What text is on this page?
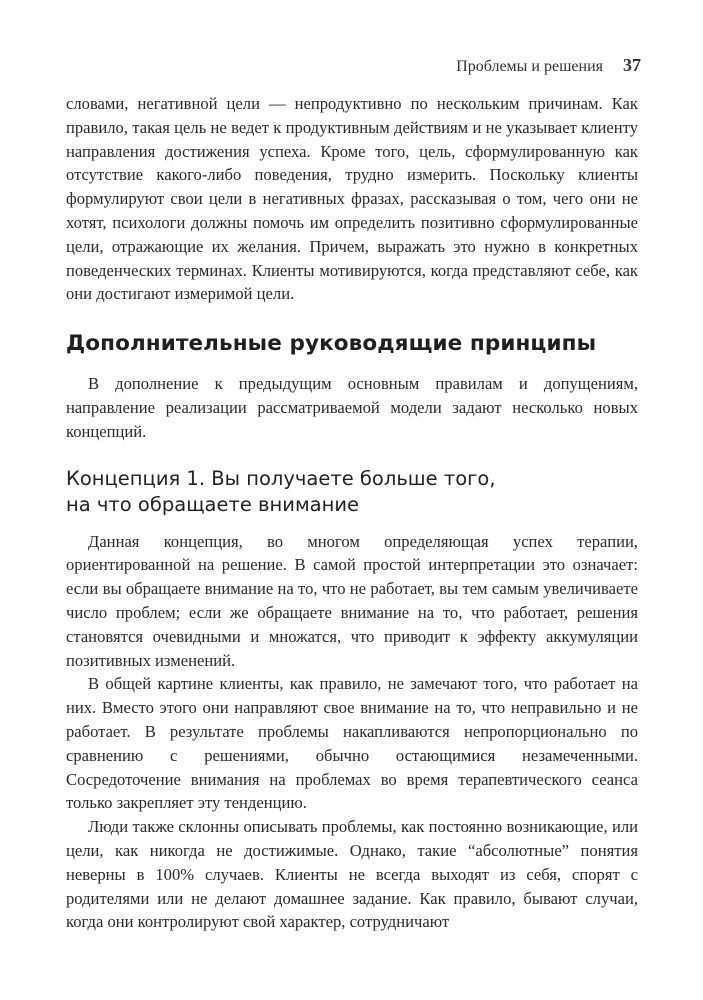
Проблемы и решения 37

словами, негативной цели — непродуктивно по нескольким причинам. Как правило, такая цель не ведет к продуктивным действиям и не указывает клиенту направления достижения успеха. Кроме того, цель, сформулированную как отсутствие какого-либо поведения, трудно измерить. Поскольку клиенты формулируют свои цели в негативных фразах, рассказывая о том, чего они не хотят, психологи должны помочь им определить позитивно сформулированные цели, отражающие их желания. Причем, выражать это нужно в конкретных поведенческих терминах. Клиенты мотивируются, когда представляют себе, как они достигают измеримой цели.

Дополнительные руководящие принципы

В дополнение к предыдущим основным правилам и допущениям, направление реализации рассматриваемой модели задают несколько новых концепций.

Концепция 1. Вы получаете больше того,
на что обращаете внимание

Данная концепция, во многом определяющая успех терапии, ориентированной на решение. В самой простой интерпретации это означает: если вы обращаете внимание на то, что не работает, вы тем самым увеличиваете число проблем; если же обращаете внимание на то, что работает, решения становятся очевидными и множатся, что приводит к эффекту аккумуляции позитивных изменений.

В общей картине клиенты, как правило, не замечают того, что работает на них. Вместо этого они направляют свое внимание на то, что неправильно и не работает. В результате проблемы накапливаются непропорционально по сравнению с решениями, обычно остающимися незамеченными. Сосредоточение внимания на проблемах во время терапевтического сеанса только закрепляет эту тенденцию.

Люди также склонны описывать проблемы, как постоянно возникающие, или цели, как никогда не достижимые. Однако, такие “абсолютные” понятия неверны в 100% случаев. Клиенты не всегда выходят из себя, спорят с родителями или не делают домашнее задание. Как правило, бывают случаи, когда они контролируют свой характер, сотрудничают
